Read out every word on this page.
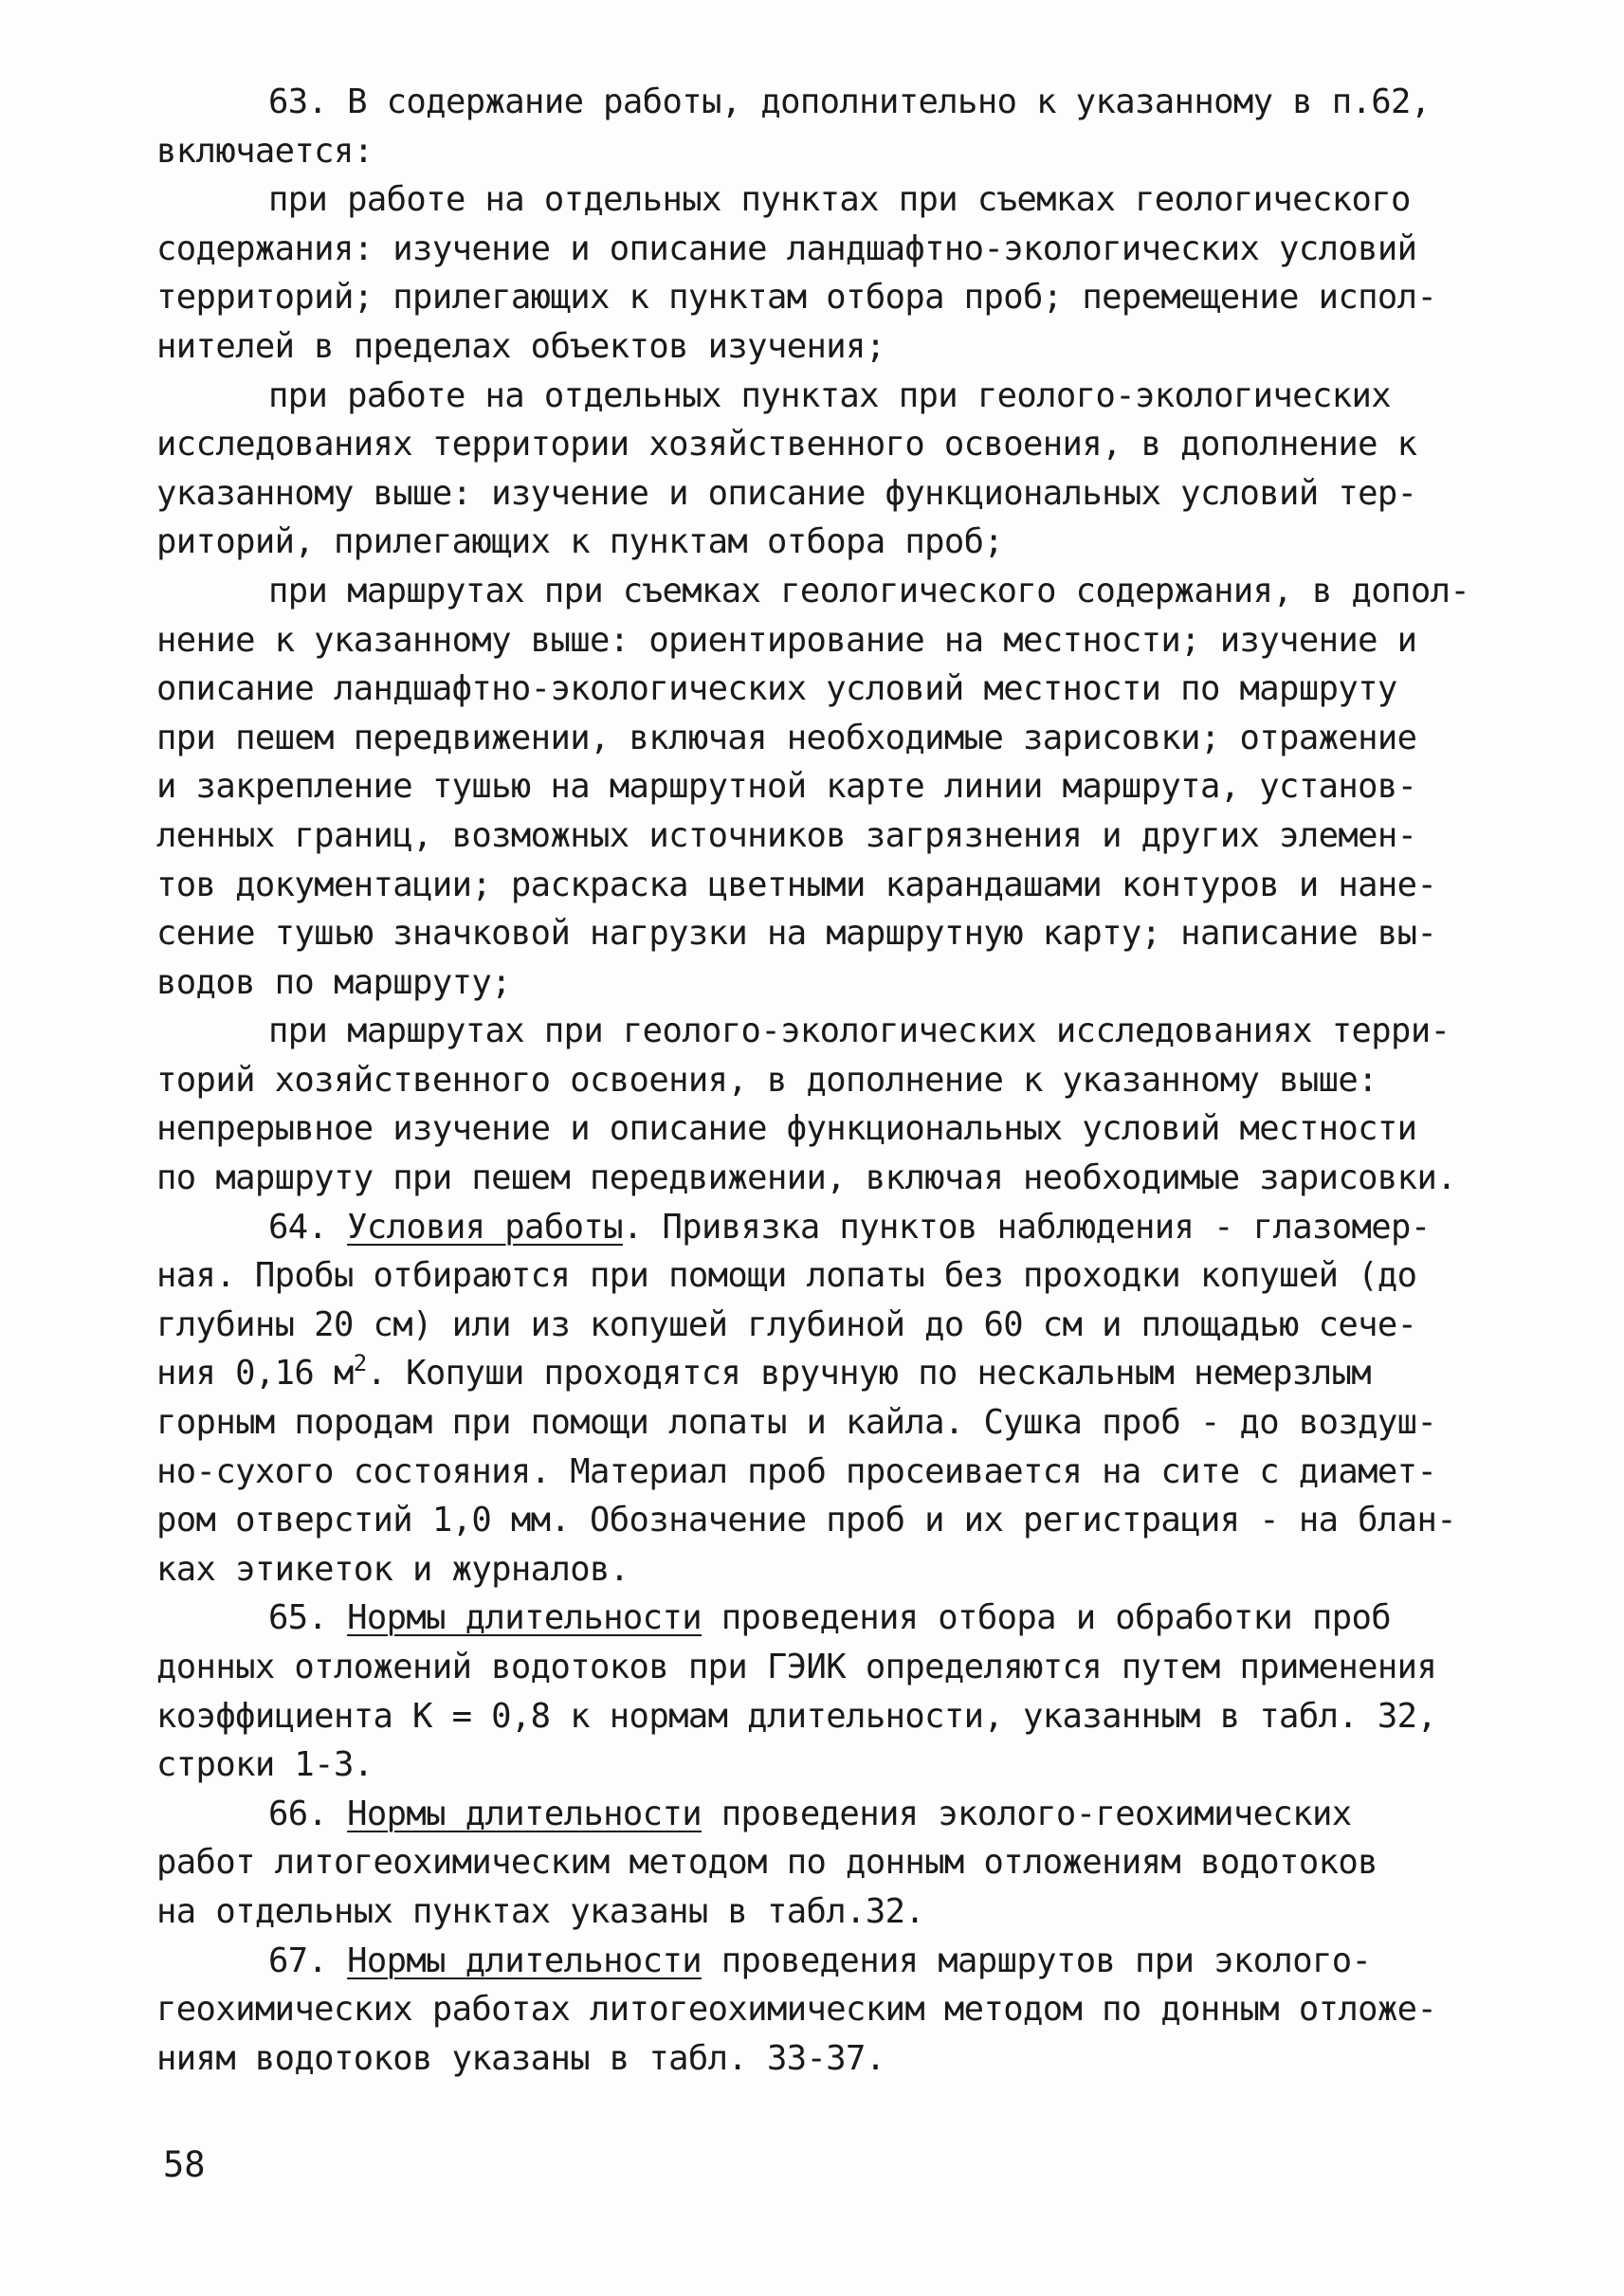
63. В содержание работы, дополнительно к указанному в п.62,
включается:
при работе на отдельных пунктах при съемках геологического
содержания: изучение и описание ландшафтно-экологических условий
территорий; прилегающих к пунктам отбора проб; перемещение испол-
нителей в пределах объектов изучения;
при работе на отдельных пунктах при геолого-экологических
исследованиях территории хозяйственного освоения, в дополнение к
указанному выше: изучение и описание функциональных условий тер-
риторий, прилегающих к пунктам отбора проб;
при маршрутах при съемках геологического содержания, в допол-
нение к указанному выше: ориентирование на местности; изучение и
описание ландшафтно-экологических условий местности по маршруту
при пешем передвижении, включая необходимые зарисовки; отражение
и закрепление тушью на маршрутной карте линии маршрута, установ-
ленных границ, возможных источников загрязнения и других элемен-
тов документации; раскраска цветными карандашами контуров и нане-
сение тушью значковой нагрузки на маршрутную карту; написание вы-
водов по маршруту;
при маршрутах при геолого-экологических исследованиях терри-
торий хозяйственного освоения, в дополнение к указанному выше:
непрерывное изучение и описание функциональных условий местности
по маршруту при пешем передвижении, включая необходимые зарисовки.
64. Условия работы. Привязка пунктов наблюдения - глазомер-
ная. Пробы отбираются при помощи лопаты без проходки копушей (до
глубины 20 см) или из копушей глубиной до 60 см и площадью сече-
ния 0,16 $м^2$. Копуши проходятся вручную по нескальным немерзлым
горным породам при помощи лопаты и кайла. Сушка проб - до воздуш-
но-сухого состояния. Материал проб просеивается на сите с диамет-
ром отверстий 1,0 мм. Обозначение проб и их регистрация - на блан-
ках этикеток и журналов.
65. Нормы длительности проведения отбора и обработки проб
донных отложений водотоков при ГЭИК определяются путем применения
коэффициента К = 0,8 к нормам длительности, указанным в табл. 32,
строки 1-3.
66. Нормы длительности проведения эколого-геохимических
работ литогеохимическим методом по донным отложениям водотоков
на отдельных пунктах указаны в табл.32.
67. Нормы длительности проведения маршрутов при эколого-
геохимических работах литогеохимическим методом по донным отложе-
ниям водотоков указаны в табл. 33-37.
58
